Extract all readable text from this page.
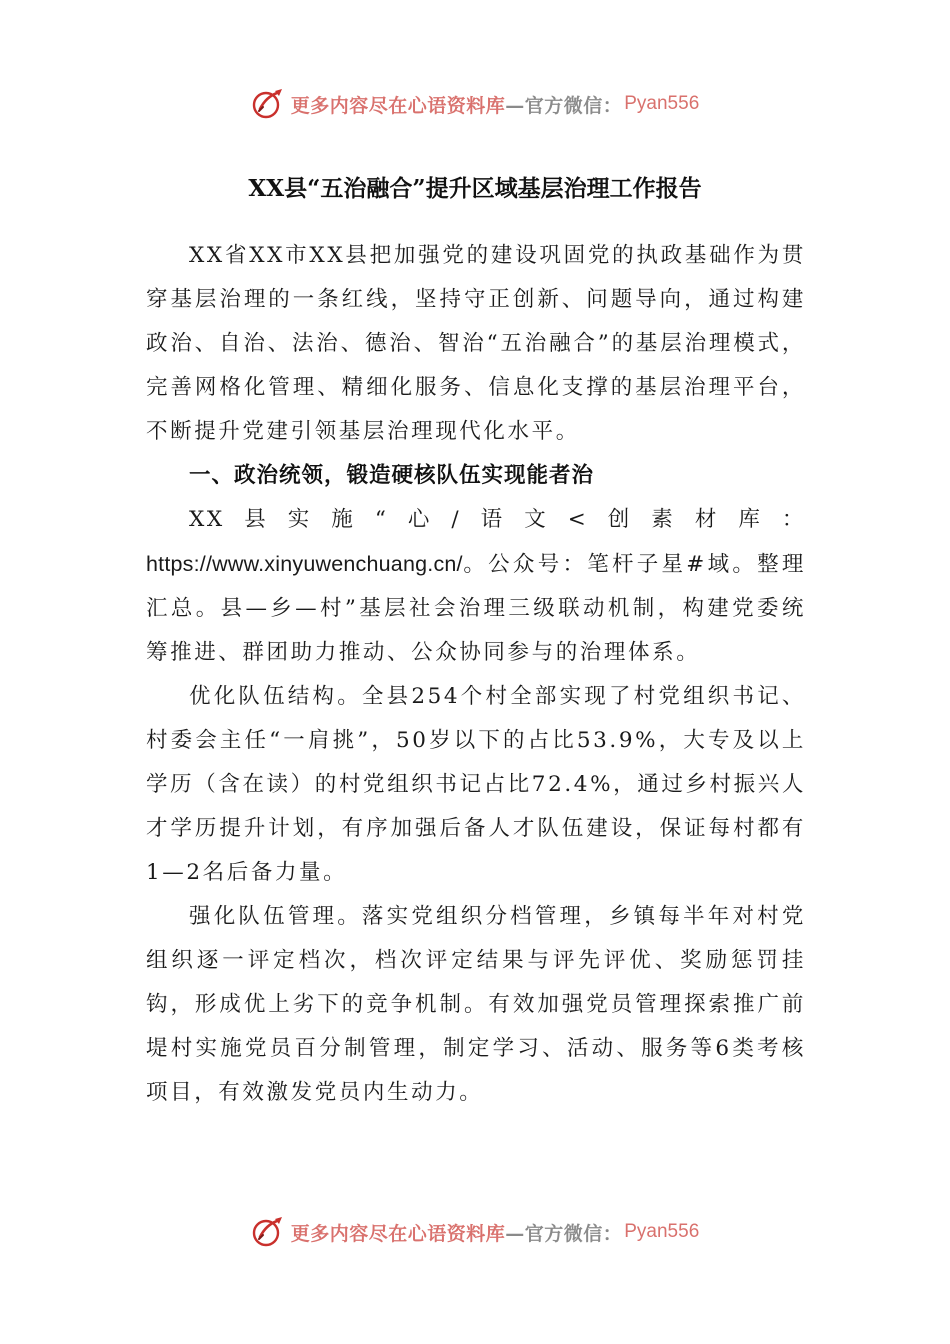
更多内容尽在心语资料库 —官方微信： Pyan556
XX县“五治融合”提升区域基层治理工作报告

XX省XX市XX县把加强党的建设巩固党的执政基础作为贯穿基层治理的一条红线，坚持守正创新、问题导向，通过构建政治、自治、法治、德治、智治“五治融合”的基层治理模式，完善网格化管理、精细化服务、信息化支撑的基层治理平台，不断提升党建引领基层治理现代化水平。

一、政治统领，锻造硬核队伍实现能者治

XX县实施“心/语文<创素材库：https://www.xinyuwenchuang.cn/。公众号：笔杆子星#域。整理汇总。县—乡—村”基层社会治理三级联动机制，构建党委统筹推进、群团助力推动、公众协同参与的治理体系。

优化队伍结构。全县254个村全部实现了村党组织书记、村委会主任“一肩挑”，50岁以下的占比53.9%，大专及以上学历（含在读）的村党组织书记占比72.4%，通过乡村振兴人才学历提升计划，有序加强后备人才队伍建设，保证每村都有1—2名后备力量。

强化队伍管理。落实党组织分档管理，乡镇每半年对村党组织逐一评定档次，档次评定结果与评先评优、奖励惩罚挂钩，形成优上劣下的竞争机制。有效加强党员管理探索推广前堤村实施党员百分制管理，制定学习、活动、服务等6类考核项目，有效激发党员内生动力。

更多内容尽在心语资料库 —官方微信： Pyan556
